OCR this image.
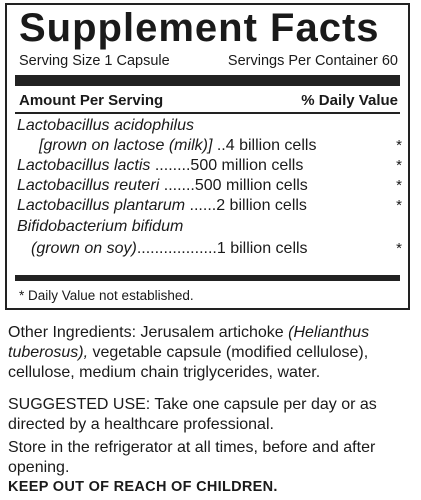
Supplement Facts
Serving Size 1 Capsule	Servings Per Container 60
Amount Per Serving	% Daily Value
Lactobacillus acidophilus
[grown on lactose (milk)] ..4 billion cells	*
Lactobacillus lactis ........500 million cells	*
Lactobacillus reuteri .......500 million cells	*
Lactobacillus plantarum ......2 billion cells	*
Bifidobacterium bifidum
(grown on soy)..................1 billion cells	*
* Daily Value not established.
Other Ingredients: Jerusalem artichoke (Helianthus tuberosus), vegetable capsule (modified cellulose), cellulose, medium chain triglycerides, water.
SUGGESTED USE: Take one capsule per day or as directed by a healthcare professional.
Store in the refrigerator at all times, before and after opening.
KEEP OUT OF REACH OF CHILDREN.
